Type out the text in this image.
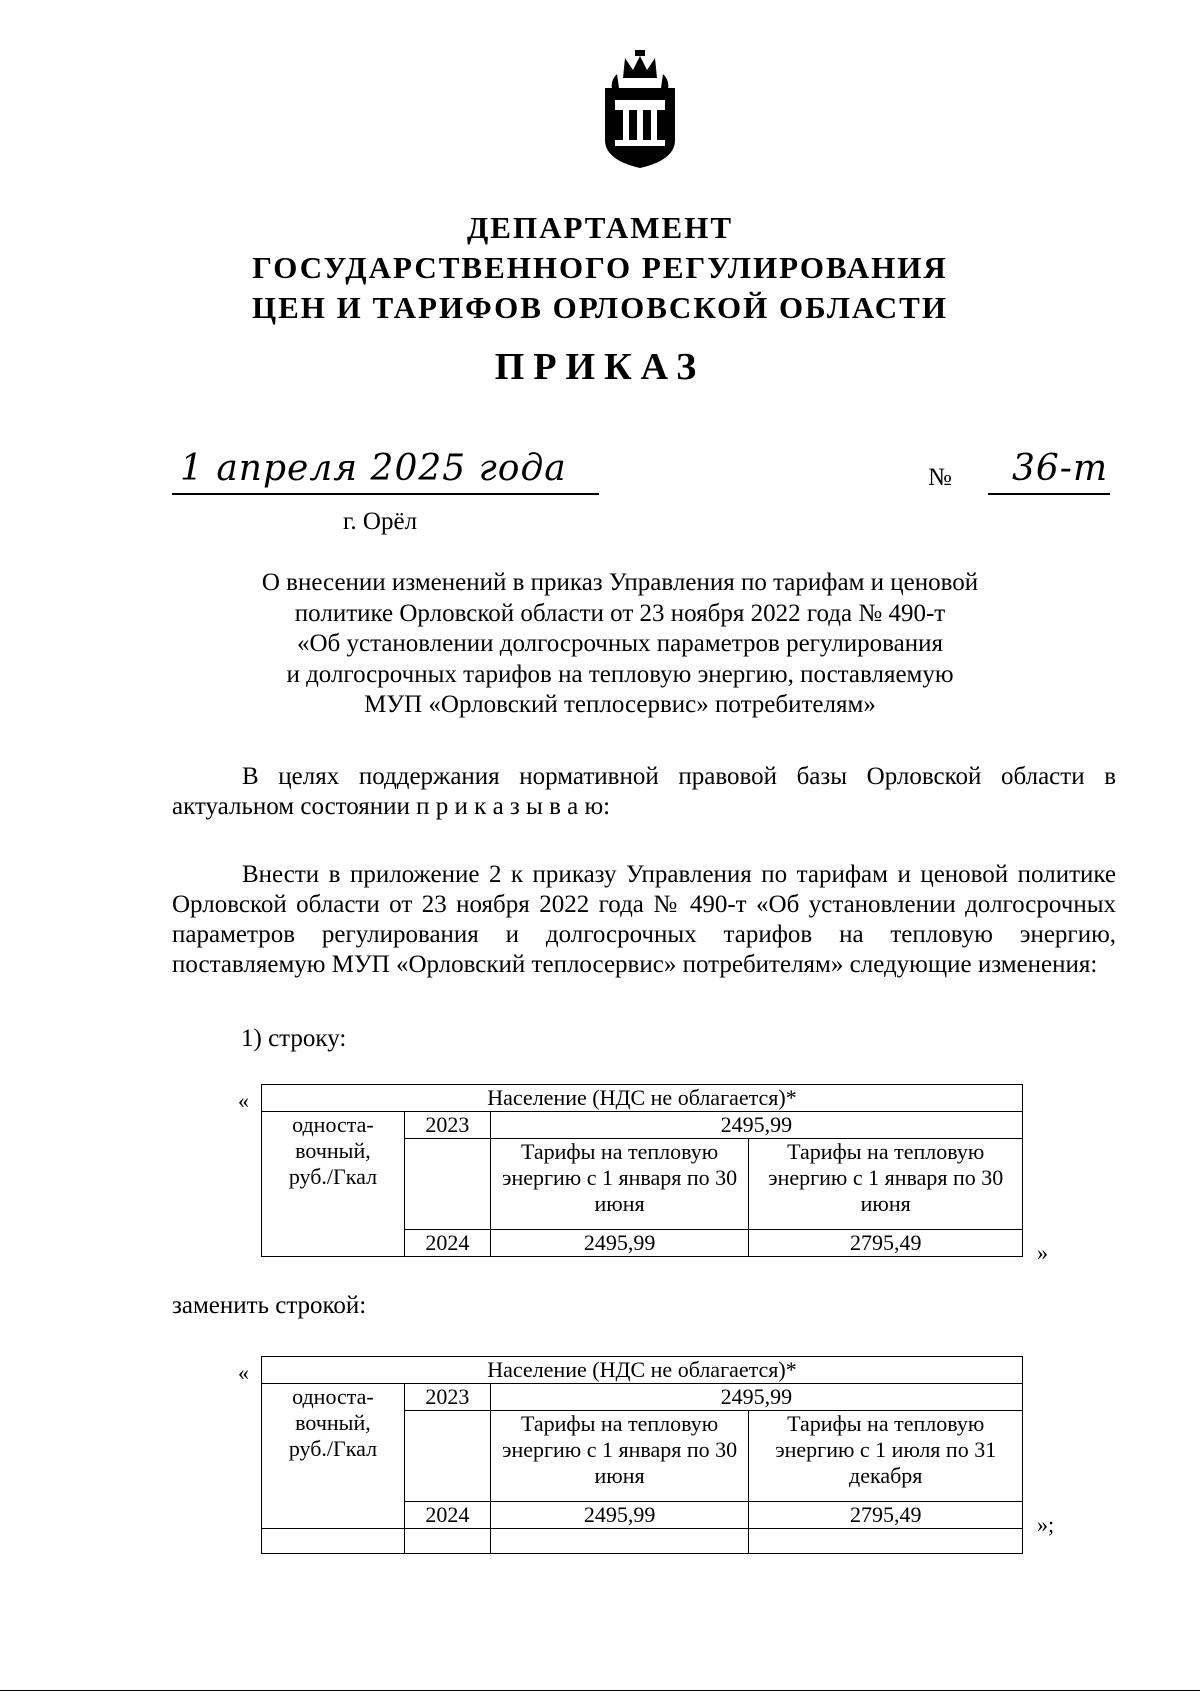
ДЕПАРТАМЕНТ
ГОСУДАРСТВЕННОГО РЕГУЛИРОВАНИЯ
ЦЕН И ТАРИФОВ ОРЛОВСКОЙ ОБЛАСТИ
ПРИКАЗ
1 апреля 2025 года	№ 36-т
г. Орёл
О внесении изменений в приказ Управления по тарифам и ценовой
политике Орловской области от 23 ноября 2022 года № 490-т
«Об установлении долгосрочных параметров регулирования
и долгосрочных тарифов на тепловую энергию, поставляемую
МУП «Орловский теплосервис» потребителям»

В целях поддержания нормативной правовой базы Орловской области в актуальном состоянии п р и к а з ы в а ю:

Внести в приложение 2 к приказу Управления по тарифам и ценовой политике Орловской области от 23 ноября 2022 года № 490-т «Об установлении долгосрочных параметров регулирования и долгосрочных тарифов на тепловую энергию, поставляемую МУП «Орловский теплосервис» потребителям» следующие изменения:

1) строку:
«	Население (НДС не облагается)*			
односта-
вочный,
руб./Гкал	2023	2495,99	
		Тарифы на тепловую энергию с 1 января по 30 июня	Тарифы на тепловую энергию с 1 января по 30 июня
	2024	2495,99	2795,49	»
заменить строкой:
«	Население (НДС не облагается)*			
односта-
вочный,
руб./Гкал	2023	2495,99	
		Тарифы на тепловую энергию с 1 января по 30 июня	Тарифы на тепловую энергию с 1 июля по 31 декабря
	2024	2495,99	2795,49
				»;
